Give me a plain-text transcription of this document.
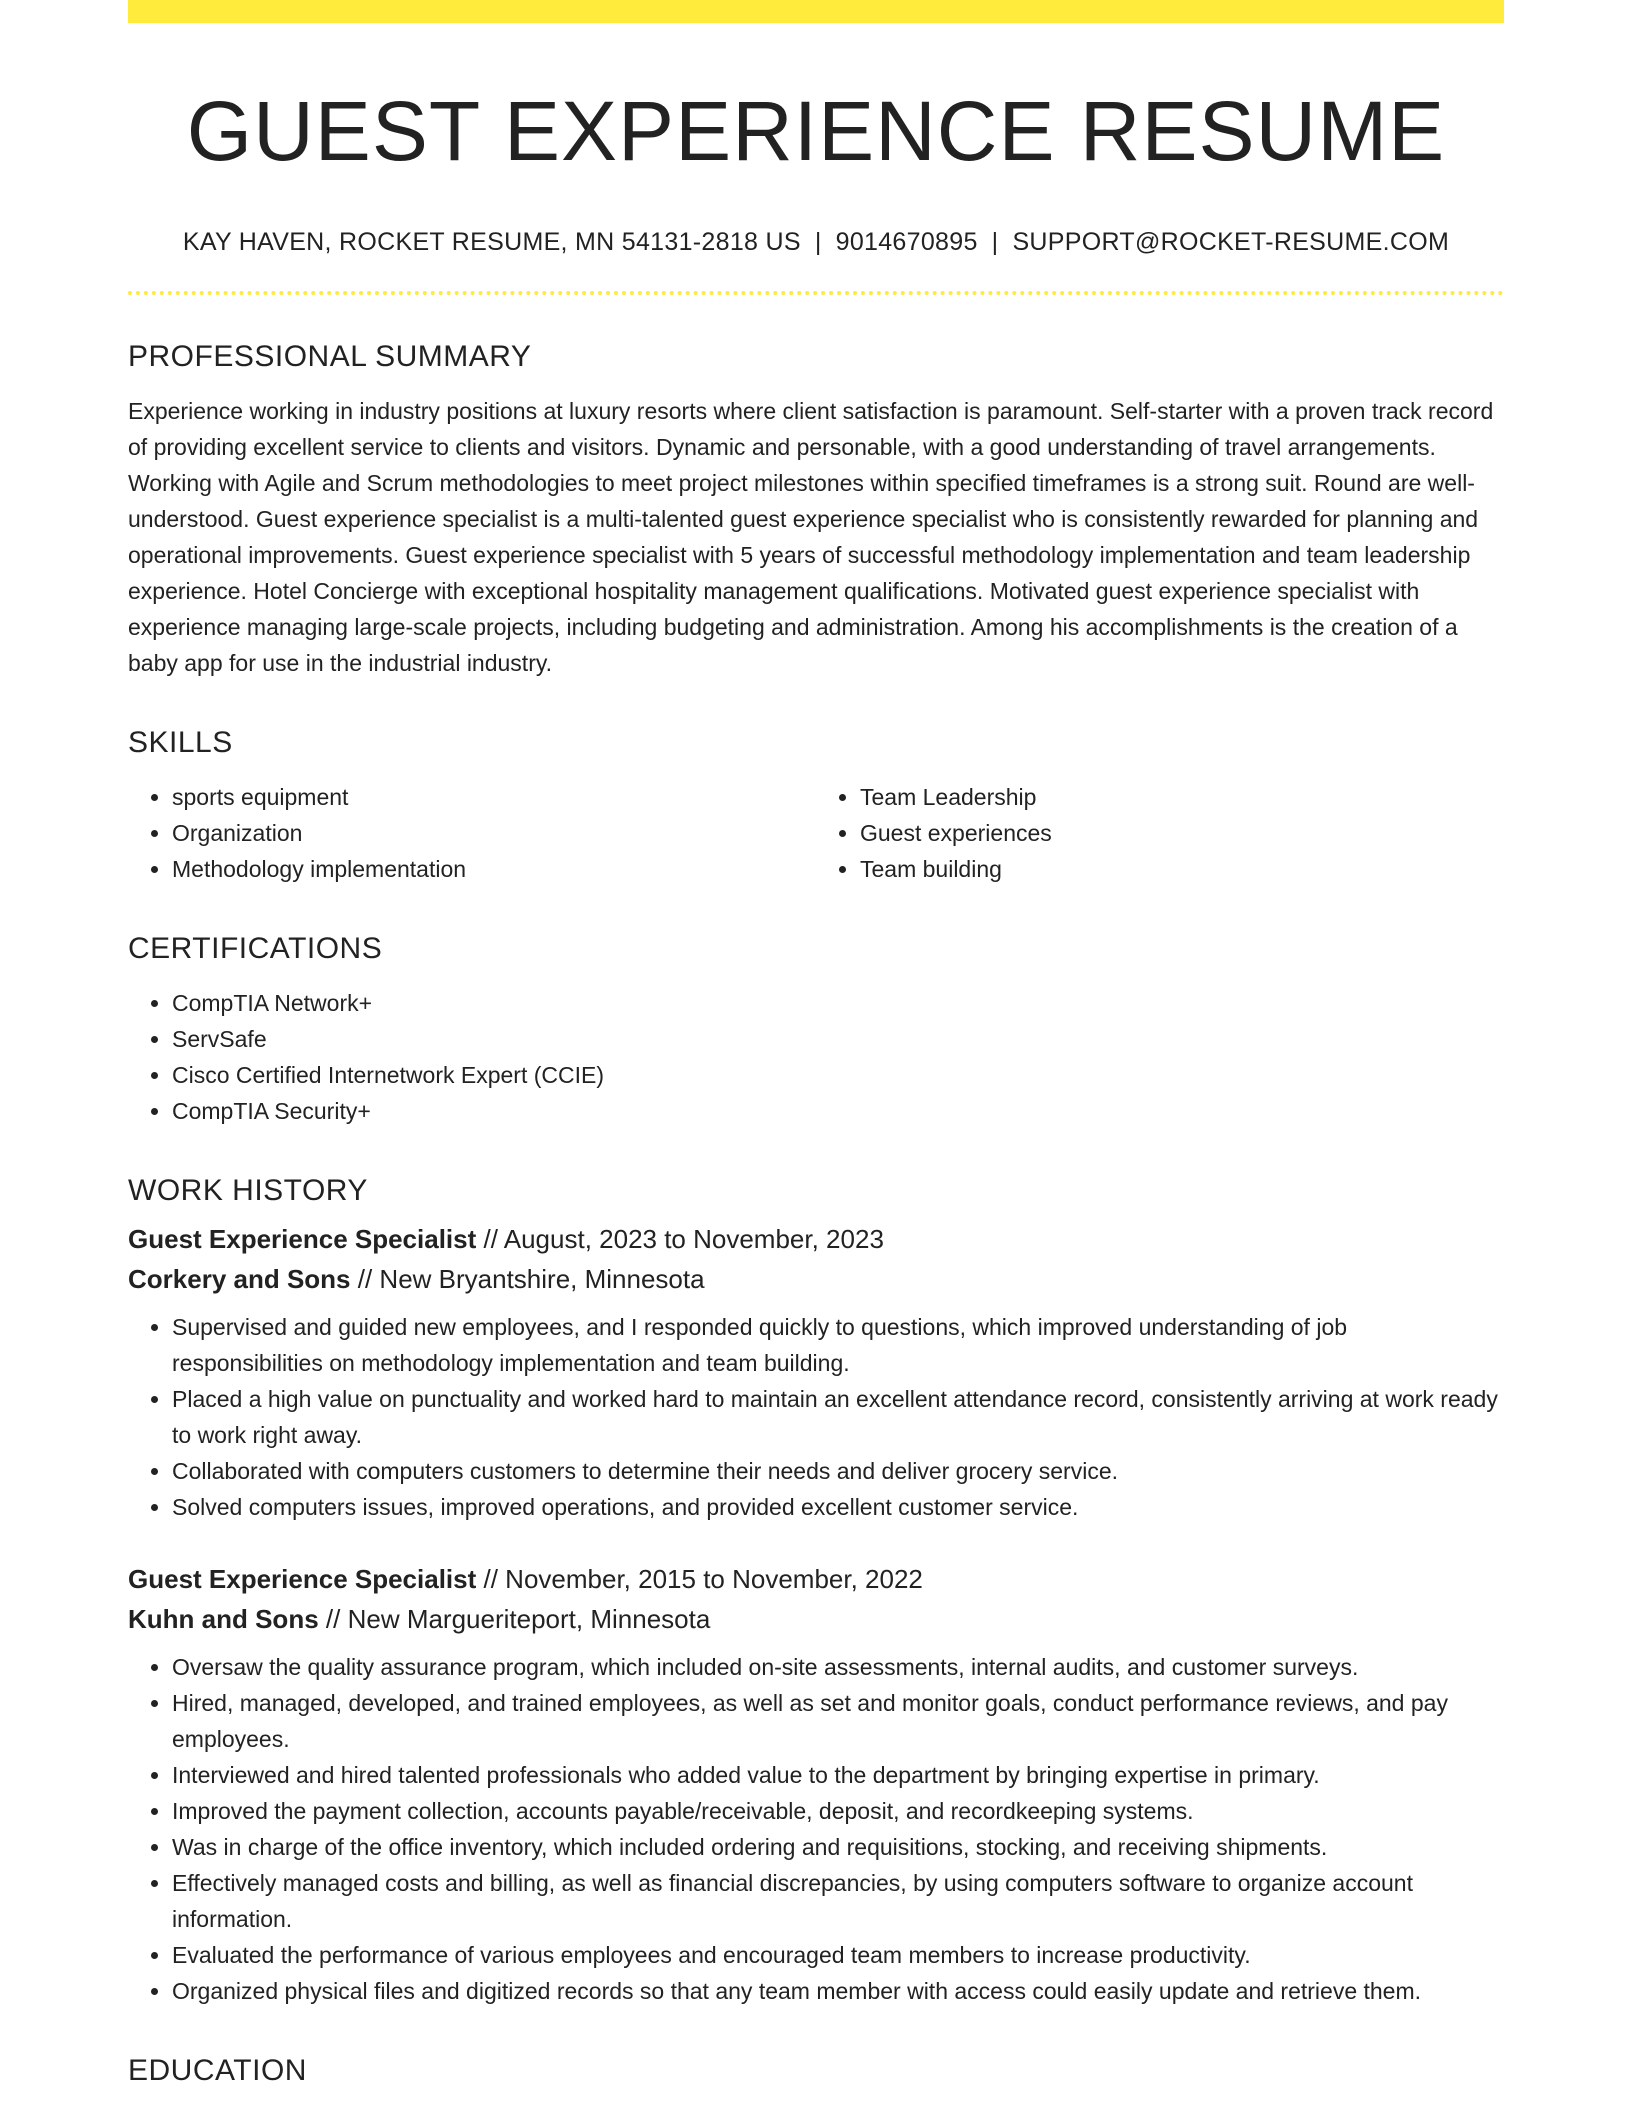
GUEST EXPERIENCE RESUME
KAY HAVEN, ROCKET RESUME, MN 54131-2818 US | 9014670895 | SUPPORT@ROCKET-RESUME.COM
PROFESSIONAL SUMMARY

Experience working in industry positions at luxury resorts where client satisfaction is paramount. Self-starter with a proven track record of providing excellent service to clients and visitors. Dynamic and personable, with a good understanding of travel arrangements. Working with Agile and Scrum methodologies to meet project milestones within specified timeframes is a strong suit. Round are well-understood. Guest experience specialist is a multi-talented guest experience specialist who is consistently rewarded for planning and operational improvements. Guest experience specialist with 5 years of successful methodology implementation and team leadership experience. Hotel Concierge with exceptional hospitality management qualifications. Motivated guest experience specialist with experience managing large-scale projects, including budgeting and administration. Among his accomplishments is the creation of a baby app for use in the industrial industry.

SKILLS
• sports equipment
• Organization
• Methodology implementation
• Team Leadership
• Guest experiences
• Team building
CERTIFICATIONS
• CompTIA Network+
• ServSafe
• Cisco Certified Internetwork Expert (CCIE)
• CompTIA Security+
WORK HISTORY
Guest Experience Specialist // August, 2023 to November, 2023
Corkery and Sons // New Bryantshire, Minnesota
• Supervised and guided new employees, and I responded quickly to questions, which improved understanding of job responsibilities on methodology implementation and team building.
• Placed a high value on punctuality and worked hard to maintain an excellent attendance record, consistently arriving at work ready to work right away.
• Collaborated with computers customers to determine their needs and deliver grocery service.
• Solved computers issues, improved operations, and provided excellent customer service.
Guest Experience Specialist // November, 2015 to November, 2022
Kuhn and Sons // New Margueriteport, Minnesota
• Oversaw the quality assurance program, which included on-site assessments, internal audits, and customer surveys.
• Hired, managed, developed, and trained employees, as well as set and monitor goals, conduct performance reviews, and pay employees.
• Interviewed and hired talented professionals who added value to the department by bringing expertise in primary.
• Improved the payment collection, accounts payable/receivable, deposit, and recordkeeping systems.
• Was in charge of the office inventory, which included ordering and requisitions, stocking, and receiving shipments.
• Effectively managed costs and billing, as well as financial discrepancies, by using computers software to organize account information.
• Evaluated the performance of various employees and encouraged team members to increase productivity.
• Organized physical files and digitized records so that any team member with access could easily update and retrieve them.
EDUCATION
